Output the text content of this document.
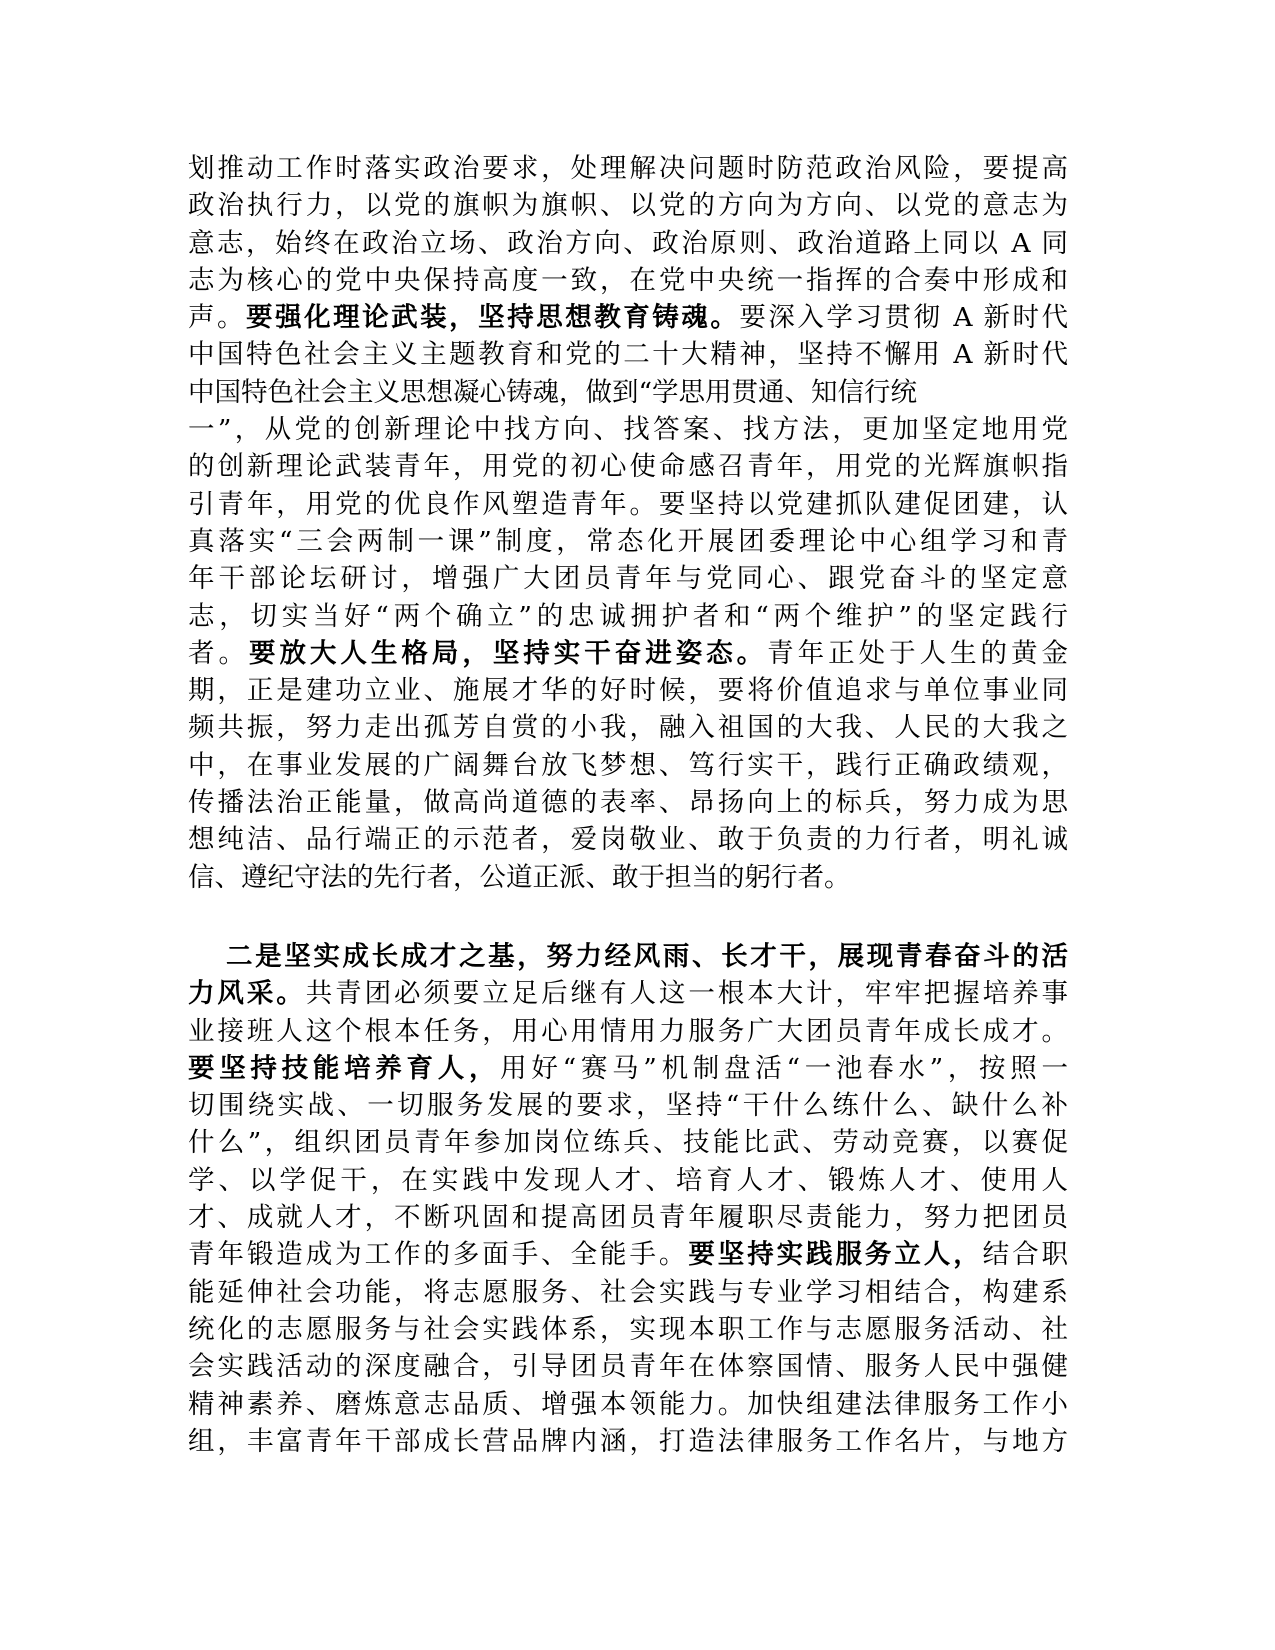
划推动工作时落实政治要求，处理解决问题时防范政治风险，要提高
政治执行力，以党的旗帜为旗帜、以党的方向为方向、以党的意志为
意志，始终在政治立场、政治方向、政治原则、政治道路上同以 A 同
志为核心的党中央保持高度一致，在党中央统一指挥的合奏中形成和
声。要强化理论武装，坚持思想教育铸魂。要深入学习贯彻 A 新时代
中国特色社会主义主题教育和党的二十大精神，坚持不懈用 A 新时代
中国特色社会主义思想凝心铸魂，做到“学思用贯通、知信行统
一”，从党的创新理论中找方向、找答案、找方法，更加坚定地用党
的创新理论武装青年，用党的初心使命感召青年，用党的光辉旗帜指
引青年，用党的优良作风塑造青年。要坚持以党建抓队建促团建，认
真落实“三会两制一课”制度，常态化开展团委理论中心组学习和青
年干部论坛研讨，增强广大团员青年与党同心、跟党奋斗的坚定意
志，切实当好“两个确立”的忠诚拥护者和“两个维护”的坚定践行
者。要放大人生格局，坚持实干奋进姿态。青年正处于人生的黄金
期，正是建功立业、施展才华的好时候，要将价值追求与单位事业同
频共振，努力走出孤芳自赏的小我，融入祖国的大我、人民的大我之
中，在事业发展的广阔舞台放飞梦想、笃行实干，践行正确政绩观，
传播法治正能量，做高尚道德的表率、昂扬向上的标兵，努力成为思
想纯洁、品行端正的示范者，爱岗敬业、敢于负责的力行者，明礼诚
信、遵纪守法的先行者，公道正派、敢于担当的躬行者。
二是坚实成长成才之基，努力经风雨、长才干，展现青春奋斗的活
力风采。共青团必须要立足后继有人这一根本大计，牢牢把握培养事
业接班人这个根本任务，用心用情用力服务广大团员青年成长成才。
要坚持技能培养育人，用好“赛马”机制盘活“一池春水”，按照一
切围绕实战、一切服务发展的要求，坚持“干什么练什么、缺什么补
什么”，组织团员青年参加岗位练兵、技能比武、劳动竞赛，以赛促
学、以学促干，在实践中发现人才、培育人才、锻炼人才、使用人
才、成就人才，不断巩固和提高团员青年履职尽责能力，努力把团员
青年锻造成为工作的多面手、全能手。要坚持实践服务立人，结合职
能延伸社会功能，将志愿服务、社会实践与专业学习相结合，构建系
统化的志愿服务与社会实践体系，实现本职工作与志愿服务活动、社
会实践活动的深度融合，引导团员青年在体察国情、服务人民中强健
精神素养、磨炼意志品质、增强本领能力。加快组建法律服务工作小
组，丰富青年干部成长营品牌内涵，打造法律服务工作名片，与地方
